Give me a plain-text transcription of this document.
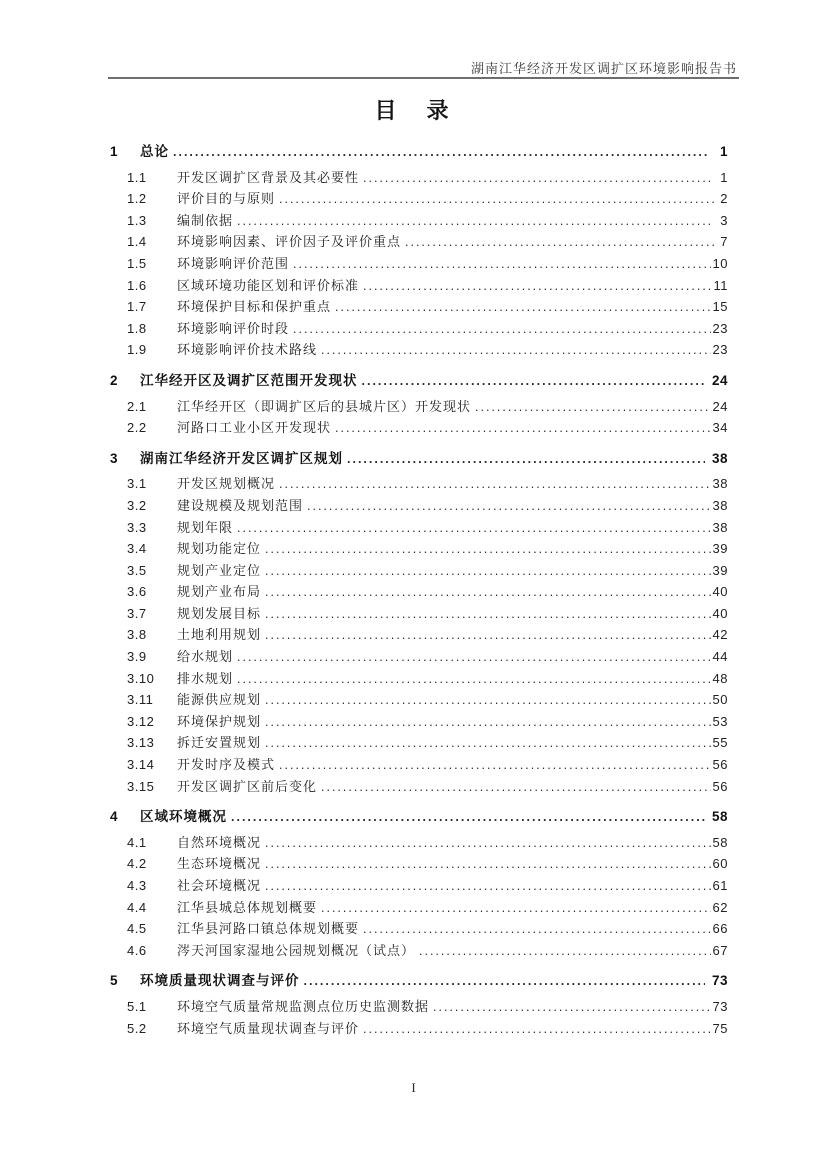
湖南江华经济开发区调扩区环境影响报告书
目　录
1	总论 .....	1
1.1	开发区调扩区背景及其必要性 .....	1
1.2	评价目的与原则 .....	2
1.3	编制依据 .....	3
1.4	环境影响因素、评价因子及评价重点 .....	7
1.5	环境影响评价范围 .....	10
1.6	区域环境功能区划和评价标准 .....	11
1.7	环境保护目标和保护重点 .....	15
1.8	环境影响评价时段 .....	23
1.9	环境影响评价技术路线 .....	23
2	江华经开区及调扩区范围开发现状 .....	24
2.1	江华经开区（即调扩区后的县城片区）开发现状 .....	24
2.2	河路口工业小区开发现状 .....	34
3	湖南江华经济开发区调扩区规划 .....	38
3.1	开发区规划概况 .....	38
3.2	建设规模及规划范围 .....	38
3.3	规划年限 .....	38
3.4	规划功能定位 .....	39
3.5	规划产业定位 .....	39
3.6	规划产业布局 .....	40
3.7	规划发展目标 .....	40
3.8	土地利用规划 .....	42
3.9	给水规划 .....	44
3.10	排水规划 .....	48
3.11	能源供应规划 .....	50
3.12	环境保护规划 .....	53
3.13	拆迁安置规划 .....	55
3.14	开发时序及模式 .....	56
3.15	开发区调扩区前后变化 .....	56
4	区域环境概况 .....	58
4.1	自然环境概况 .....	58
4.2	生态环境概况 .....	60
4.3	社会环境概况 .....	61
4.4	江华县城总体规划概要 .....	62
4.5	江华县河路口镇总体规划概要 .....	66
4.6	涔天河国家湿地公园规划概况（试点） .....	67
5	环境质量现状调查与评价 .....	73
5.1	环境空气质量常规监测点位历史监测数据 .....	73
5.2	环境空气质量现状调查与评价 .....	75
I
